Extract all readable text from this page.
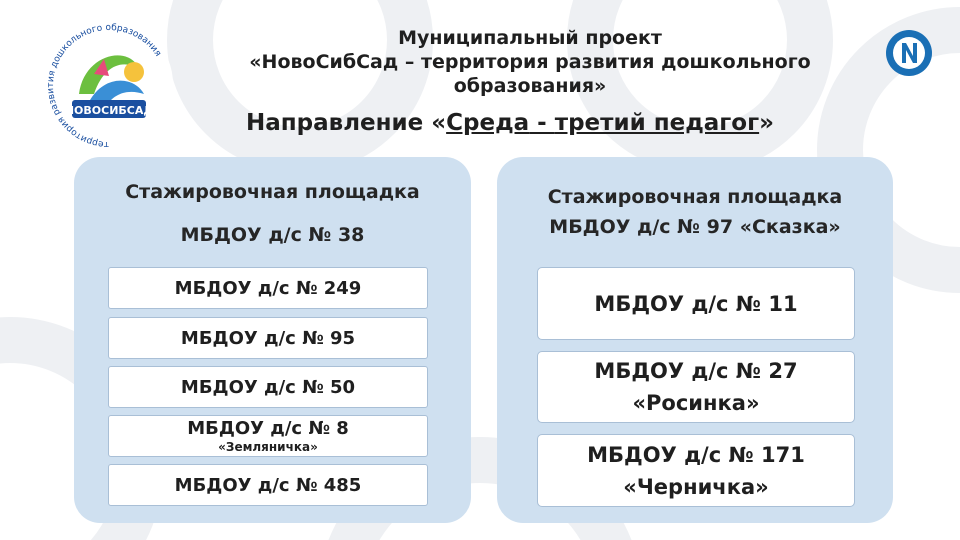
территория развития дошкольного образования
НОВОСИБСАД
Муниципальный проект
«НовоСибСад – территория развития дошкольного
образования»
Направление «Среда - третий педагог»
Стажировочная площадка
МБДОУ д/с № 38
МБДОУ д/с № 249
МБДОУ д/с № 95
МБДОУ д/с № 50
МБДОУ д/с № 8
«Земляничка»
МБДОУ д/с № 485
Стажировочная площадка
МБДОУ д/с № 97 «Сказка»
МБДОУ д/с № 11
МБДОУ д/с № 27
«Росинка»
МБДОУ д/с № 171
«Черничка»
